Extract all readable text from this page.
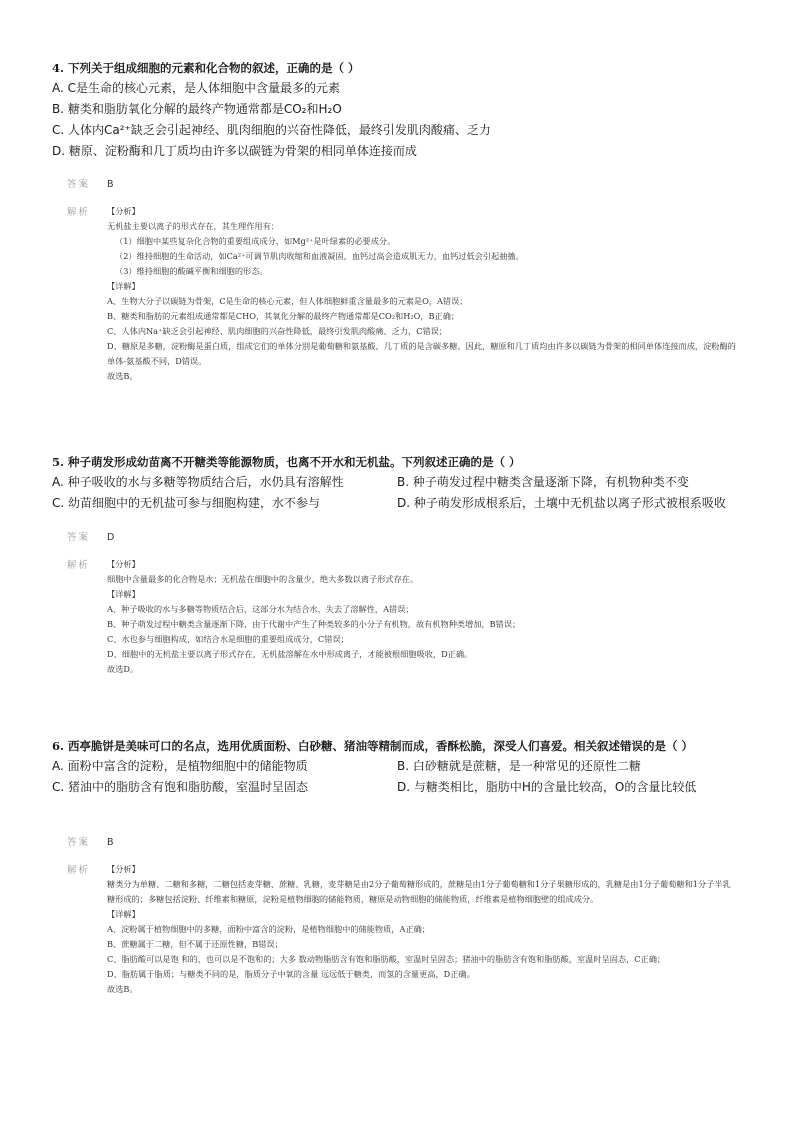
4. 下列关于组成细胞的元素和化合物的叙述，正确的是（ ）
A. C是生命的核心元素，是人体细胞中含量最多的元素
B. 糖类和脂肪氧化分解的最终产物通常都是CO₂和H₂O
C. 人体内Ca²⁺缺乏会引起神经、肌肉细胞的兴奋性降低，最终引发肌肉酸痛、乏力
D. 糖原、淀粉酶和几丁质均由许多以碳链为骨架的相同单体连接而成
答案	B
解析	【分析】

无机盐主要以离子的形式存在，其生理作用有：

（1）细胞中某些复杂化合物的重要组成成分，如Mg²⁺是叶绿素的必要成分。

（2）维持细胞的生命活动，如Ca²⁺可调节肌肉收缩和血液凝固，血钙过高会造成肌无力，血钙过低会引起抽搐。

（3）维持细胞的酸碱平衡和细胞的形态。

【详解】

A、生物大分子以碳链为骨架，C是生命的核心元素，但人体细胞鲜重含量最多的元素是O，A错误；

B、糖类和脂肪的元素组成通常都是CHO，其氧化分解的最终产物通常都是CO₂和H₂O，B正确；

C、人体内Na⁺缺乏会引起神经、肌肉细胞的兴奋性降低，最终引发肌肉酸痛、乏力，C错误；

D、糖原是多糖，淀粉酶是蛋白质，组成它们的单体分别是葡萄糖和氨基酸，几丁质的是含碳多糖。因此，糖原和几丁质均由许多以碳链为骨架的相同单体连接而成，淀粉酶的单体-氨基酸不同，D错误。

故选B。

5. 种子萌发形成幼苗离不开糖类等能源物质，也离不开水和无机盐。下列叙述正确的是（ ）
A. 种子吸收的水与多糖等物质结合后，水仍具有溶解性	B. 种子萌发过程中糖类含量逐渐下降，有机物种类不变
C. 幼苗细胞中的无机盐可参与细胞构建，水不参与	D. 种子萌发形成根系后，土壤中无机盐以离子形式被根系吸收
答案	D
解析	【分析】

细胞中含量最多的化合物是水；无机盐在细胞中的含量少，绝大多数以离子形式存在。

【详解】

A、种子吸收的水与多糖等物质结合后，这部分水为结合水，失去了溶解性，A错误；

B、种子萌发过程中糖类含量逐渐下降，由于代谢中产生了种类较多的小分子有机物，故有机物种类增加，B错误；

C、水也参与细胞构成，如结合水是细胞的重要组成成分，C错误；

D、细胞中的无机盐主要以离子形式存在，无机盐溶解在水中形成离子，才能被根细胞吸收，D正确。

故选D。

6. 西亭脆饼是美味可口的名点，选用优质面粉、白砂糖、猪油等精制而成，香酥松脆，深受人们喜爱。相关叙述错误的是（ ）
A. 面粉中富含的淀粉，是植物细胞中的储能物质	B. 白砂糖就是蔗糖，是一种常见的还原性二糖
C. 猪油中的脂肪含有饱和脂肪酸，室温时呈固态	D. 与糖类相比，脂肪中H的含量比较高，O的含量比较低
答案	B
解析	【分析】

糖类分为单糖、二糖和多糖，二糖包括麦芽糖、蔗糖、乳糖，麦芽糖是由2分子葡萄糖形成的，蔗糖是由1分子葡萄糖和1分子果糖形成的，乳糖是由1分子葡萄糖和1分子半乳糖形成的；多糖包括淀粉、纤维素和糖原，淀粉是植物细胞的储能物质，糖原是动物细胞的储能物质，纤维素是植物细胞壁的组成成分。

【详解】

A、淀粉属于植物细胞中的多糖，面粉中富含的淀粉，是植物细胞中的储能物质，A正确；

B、蔗糖属于二糖，但不属于还原性糖，B错误；

C、脂肪酸可以是饱 和的，也可以是不饱和的；大多 数动物脂肪含有饱和脂肪酸，室温时呈固态；猪油中的脂肪含有饱和脂肪酸，室温时呈固态，C正确；

D、脂肪属于脂质；与糖类不同的是，脂质分子中氧的含量 远远低于糖类，而氢的含量更高，D正确。

故选B。
